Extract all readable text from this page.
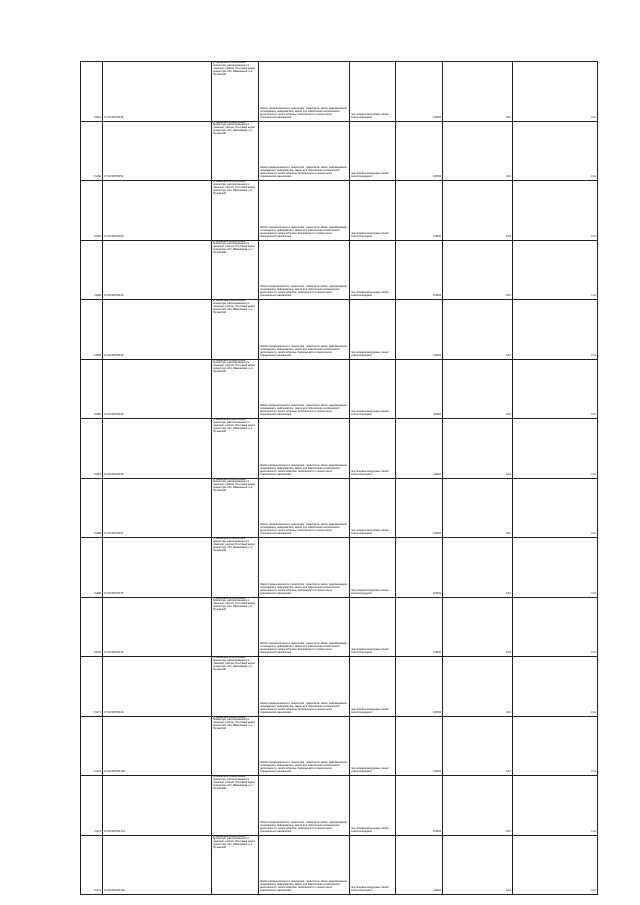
71461	37:10:000733:48	установлено относительно ориентира, расположенного в границах участка. Почтовый адрес ориентира: обл. Ивановская, р-н Пучежский	Земли промышленности, энергетики, транспорта, связи, радиовещания, телевидения, информатики, земли для обеспечения космической деятельности, земли обороны, безопасности и земли иного специального назначения	под опорами воздушных линий электропередачи	0,0004	0,10	0,11
71462	37:10:000733:51	установлено относительно ориентира, расположенного в границах участка. Почтовый адрес ориентира: обл. Ивановская, р-н Пучежский	Земли промышленности, энергетики, транспорта, связи, радиовещания, телевидения, информатики, земли для обеспечения космической деятельности, земли обороны, безопасности и земли иного специального назначения	под опорами воздушных линий электропередачи	0,0004	0,10	0,11
71463	37:10:000733:50	установлено относительно ориентира, расположенного в границах участка. Почтовый адрес ориентира: обл. Ивановская, р-н Пучежский	Земли промышленности, энергетики, транспорта, связи, радиовещания, телевидения, информатики, земли для обеспечения космической деятельности, земли обороны, безопасности и земли иного специального назначения	под опорами воздушных линий электропередачи	0,0004	0,10	0,11
71464	37:10:000733:49	установлено относительно ориентира, расположенного в границах участка. Почтовый адрес ориентира: обл. Ивановская, р-н Пучежский	Земли промышленности, энергетики, транспорта, связи, радиовещания, телевидения, информатики, земли для обеспечения космической деятельности, земли обороны, безопасности и земли иного специального назначения	под опорами воздушных линий электропередачи	0,0004	0,10	0,11
71465	37:10:000733:54	установлено относительно ориентира, расположенного в границах участка. Почтовый адрес ориентира: обл. Ивановская, р-н Пучежский	Земли промышленности, энергетики, транспорта, связи, радиовещания, телевидения, информатики, земли для обеспечения космической деятельности, земли обороны, безопасности и земли иного специального назначения	под опорами воздушных линий электропередачи	0,0004	0,10	0,11
71466	37:10:000733:56	установлено относительно ориентира, расположенного в границах участка. Почтовый адрес ориентира: обл. Ивановская, р-н Пучежский	Земли промышленности, энергетики, транспорта, связи, радиовещания, телевидения, информатики, земли для обеспечения космической деятельности, земли обороны, безопасности и земли иного специального назначения	под опорами воздушных линий электропередачи	0,0004	0,10	0,11
71467	37:10:000733:46	установлено относительно ориентира, расположенного в границах участка. Почтовый адрес ориентира: обл. Ивановская, р-н Пучежский	Земли промышленности, энергетики, транспорта, связи, радиовещания, телевидения, информатики, земли для обеспечения космической деятельности, земли обороны, безопасности и земли иного специального назначения	под опорами воздушных линий электропередачи	0,0004	0,10	0,11
71468	37:10:000733:57	установлено относительно ориентира, расположенного в границах участка. Почтовый адрес ориентира: обл. Ивановская, р-н Пучежский	Земли промышленности, энергетики, транспорта, связи, радиовещания, телевидения, информатики, земли для обеспечения космической деятельности, земли обороны, безопасности и земли иного специального назначения	под опорами воздушных линий электропередачи	0,0004	0,10	0,11
71469	37:10:000733:45	установлено относительно ориентира, расположенного в границах участка. Почтовый адрес ориентира: обл. Ивановская, р-н Пучежский	Земли промышленности, энергетики, транспорта, связи, радиовещания, телевидения, информатики, земли для обеспечения космической деятельности, земли обороны, безопасности и земли иного специального назначения	под опорами воздушных линий электропередачи	0,0004	0,10	0,11
71470	37:10:000733:44	установлено относительно ориентира, расположенного в границах участка. Почтовый адрес ориентира: обл. Ивановская, р-н Пучежский	Земли промышленности, энергетики, транспорта, связи, радиовещания, телевидения, информатики, земли для обеспечения космической деятельности, земли обороны, безопасности и земли иного специального назначения	под опорами воздушных линий электропередачи	0,0004	0,10	0,11
71471	37:10:000733:10	установлено относительно ориентира, расположенного в границах участка. Почтовый адрес ориентира: обл. Ивановская, р-н Пучежский	Земли промышленности, энергетики, транспорта, связи, радиовещания, телевидения, информатики, земли для обеспечения космической деятельности, земли обороны, безопасности и земли иного специального назначения	под опорами воздушных линий электропередачи	0,0004	0,10	0,11
71472	37:10:000733:100	установлено относительно ориентира, расположенного в границах участка. Почтовый адрес ориентира: обл. Ивановская, р-н Пучежский	Земли промышленности, энергетики, транспорта, связи, радиовещания, телевидения, информатики, земли для обеспечения космической деятельности, земли обороны, безопасности и земли иного специального назначения	под опорами воздушных линий электропередачи	0,0004	0,10	0,11
71473	37:10:000733:101	установлено относительно ориентира, расположенного в границах участка. Почтовый адрес ориентира: обл. Ивановская, р-н Пучежский	Земли промышленности, энергетики, транспорта, связи, радиовещания, телевидения, информатики, земли для обеспечения космической деятельности, земли обороны, безопасности и земли иного специального назначения	под опорами воздушных линий электропередачи	0,0004	0,10	0,11
71474	37:10:000733:102	установлено относительно ориентира, расположенного в границах участка. Почтовый адрес ориентира: обл. Ивановская, р-н Пучежский	Земли промышленности, энергетики, транспорта, связи, радиовещания, телевидения, информатики, земли для обеспечения космической деятельности, земли обороны, безопасности и земли иного специального назначения	под опорами воздушных линий электропередачи	0,0004	0,10	0,11
